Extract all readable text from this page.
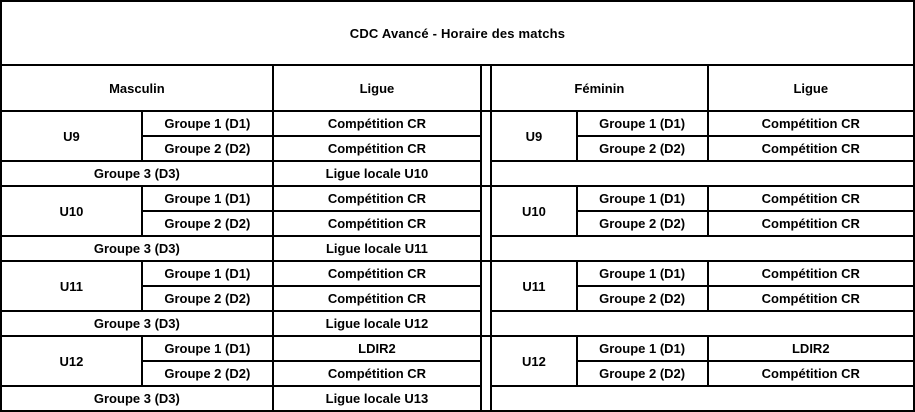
CDC Avancé - Horaire des matchs						
Masculin		Ligue		Féminin		Ligue
U9	Groupe 1 (D1)	Compétition CR		U9	Groupe 1 (D1)	Compétition CR
	Groupe 2 (D2)	Compétition CR			Groupe 2 (D2)	Compétition CR
Groupe 3 (D3)		Ligue locale U10				
U10	Groupe 1 (D1)	Compétition CR		U10	Groupe 1 (D1)	Compétition CR
	Groupe 2 (D2)	Compétition CR			Groupe 2 (D2)	Compétition CR
Groupe 3 (D3)		Ligue locale U11				
U11	Groupe 1 (D1)	Compétition CR		U11	Groupe 1 (D1)	Compétition CR
	Groupe 2 (D2)	Compétition CR			Groupe 2 (D2)	Compétition CR
Groupe 3 (D3)		Ligue locale U12				
U12	Groupe 1 (D1)	LDIR2		U12	Groupe 1 (D1)	LDIR2
	Groupe 2 (D2)	Compétition CR			Groupe 2 (D2)	Compétition CR
Groupe 3 (D3)		Ligue locale U13				
